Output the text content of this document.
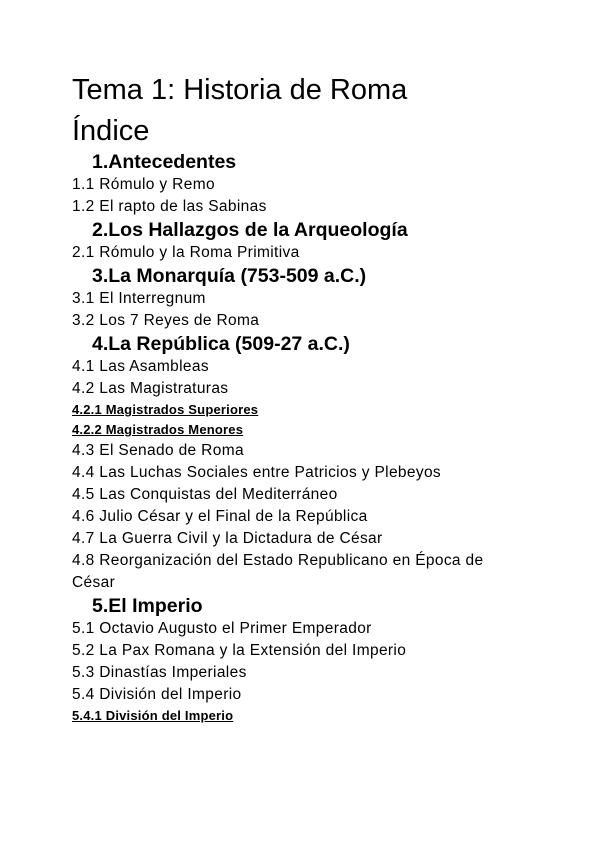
Tema 1: Historia de Roma
Índice
1.Antecedentes
1.1 Rómulo y Remo
1.2 El rapto de las Sabinas
2.Los Hallazgos de la Arqueología
2.1 Rómulo y la Roma Primitiva
3.La Monarquía (753-509 a.C.)
3.1 El Interregnum
3.2 Los 7 Reyes de Roma
4.La República (509-27 a.C.)
4.1 Las Asambleas
4.2 Las Magistraturas
4.2.1 Magistrados Superiores
4.2.2 Magistrados Menores
4.3 El Senado de Roma
4.4 Las Luchas Sociales entre Patricios y Plebeyos
4.5 Las Conquistas del Mediterráneo
4.6 Julio César y el Final de la República
4.7 La Guerra Civil y la Dictadura de César
4.8 Reorganización del Estado Republicano en Época de César
5.El Imperio
5.1 Octavio Augusto el Primer Emperador
5.2 La Pax Romana y la Extensión del Imperio
5.3 Dinastías Imperiales
5.4 División del Imperio
5.4.1 División del Imperio
